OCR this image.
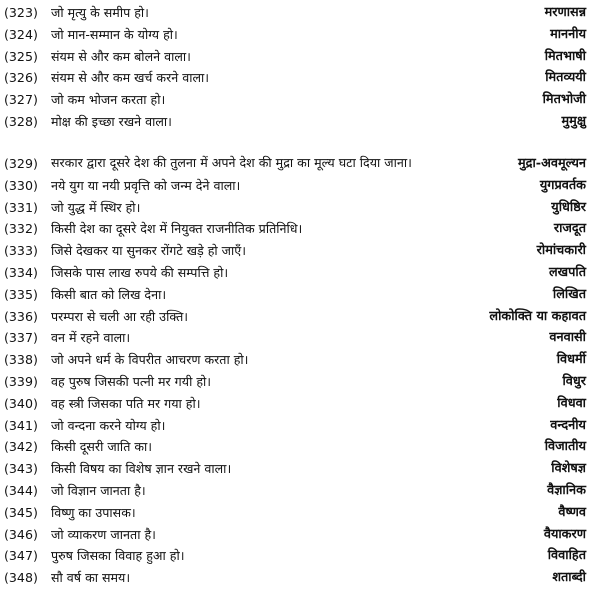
(323)	जो मृत्यु के समीप हो।	मरणासन्न
(324)	जो मान-सम्मान के योग्य हो।	माननीय
(325)	संयम से और कम बोलने वाला।	मितभाषी
(326)	संयम से और कम खर्च करने वाला।	मितव्ययी
(327)	जो कम भोजन करता हो।	मितभोजी
(328)	मोक्ष की इच्छा रखने वाला।	मुमुक्षु
(329)	सरकार द्वारा दूसरे देश की तुलना में अपने देश की मुद्रा का मूल्य घटा दिया जाना।	मुद्रा-अवमूल्यन
(330)	नये युग या नयी प्रवृत्ति को जन्म देने वाला।	युगप्रवर्तक
(331)	जो युद्ध में स्थिर हो।	युधिष्ठिर
(332)	किसी देश का दूसरे देश में नियुक्त राजनीतिक प्रतिनिधि।	राजदूत
(333)	जिसे देखकर या सुनकर रोंगटे खड़े हो जाएँ।	रोमांचकारी
(334)	जिसके पास लाख रुपये की सम्पत्ति हो।	लखपति
(335)	किसी बात को लिख देना।	लिखित
(336)	परम्परा से चली आ रही उक्ति।	लोकोक्ति या कहावत
(337)	वन में रहने वाला।	वनवासी
(338)	जो अपने धर्म के विपरीत आचरण करता हो।	विधर्मी
(339)	वह पुरुष जिसकी पत्नी मर गयी हो।	विधुर
(340)	वह स्त्री जिसका पति मर गया हो।	विधवा
(341)	जो वन्दना करने योग्य हो।	वन्दनीय
(342)	किसी दूसरी जाति का।	विजातीय
(343)	किसी विषय का विशेष ज्ञान रखने वाला।	विशेषज्ञ
(344)	जो विज्ञान जानता है।	वैज्ञानिक
(345)	विष्णु का उपासक।	वैष्णव
(346)	जो व्याकरण जानता है।	वैयाकरण
(347)	पुरुष जिसका विवाह हुआ हो।	विवाहित
(348)	सौ वर्ष का समय।	शताब्दी
